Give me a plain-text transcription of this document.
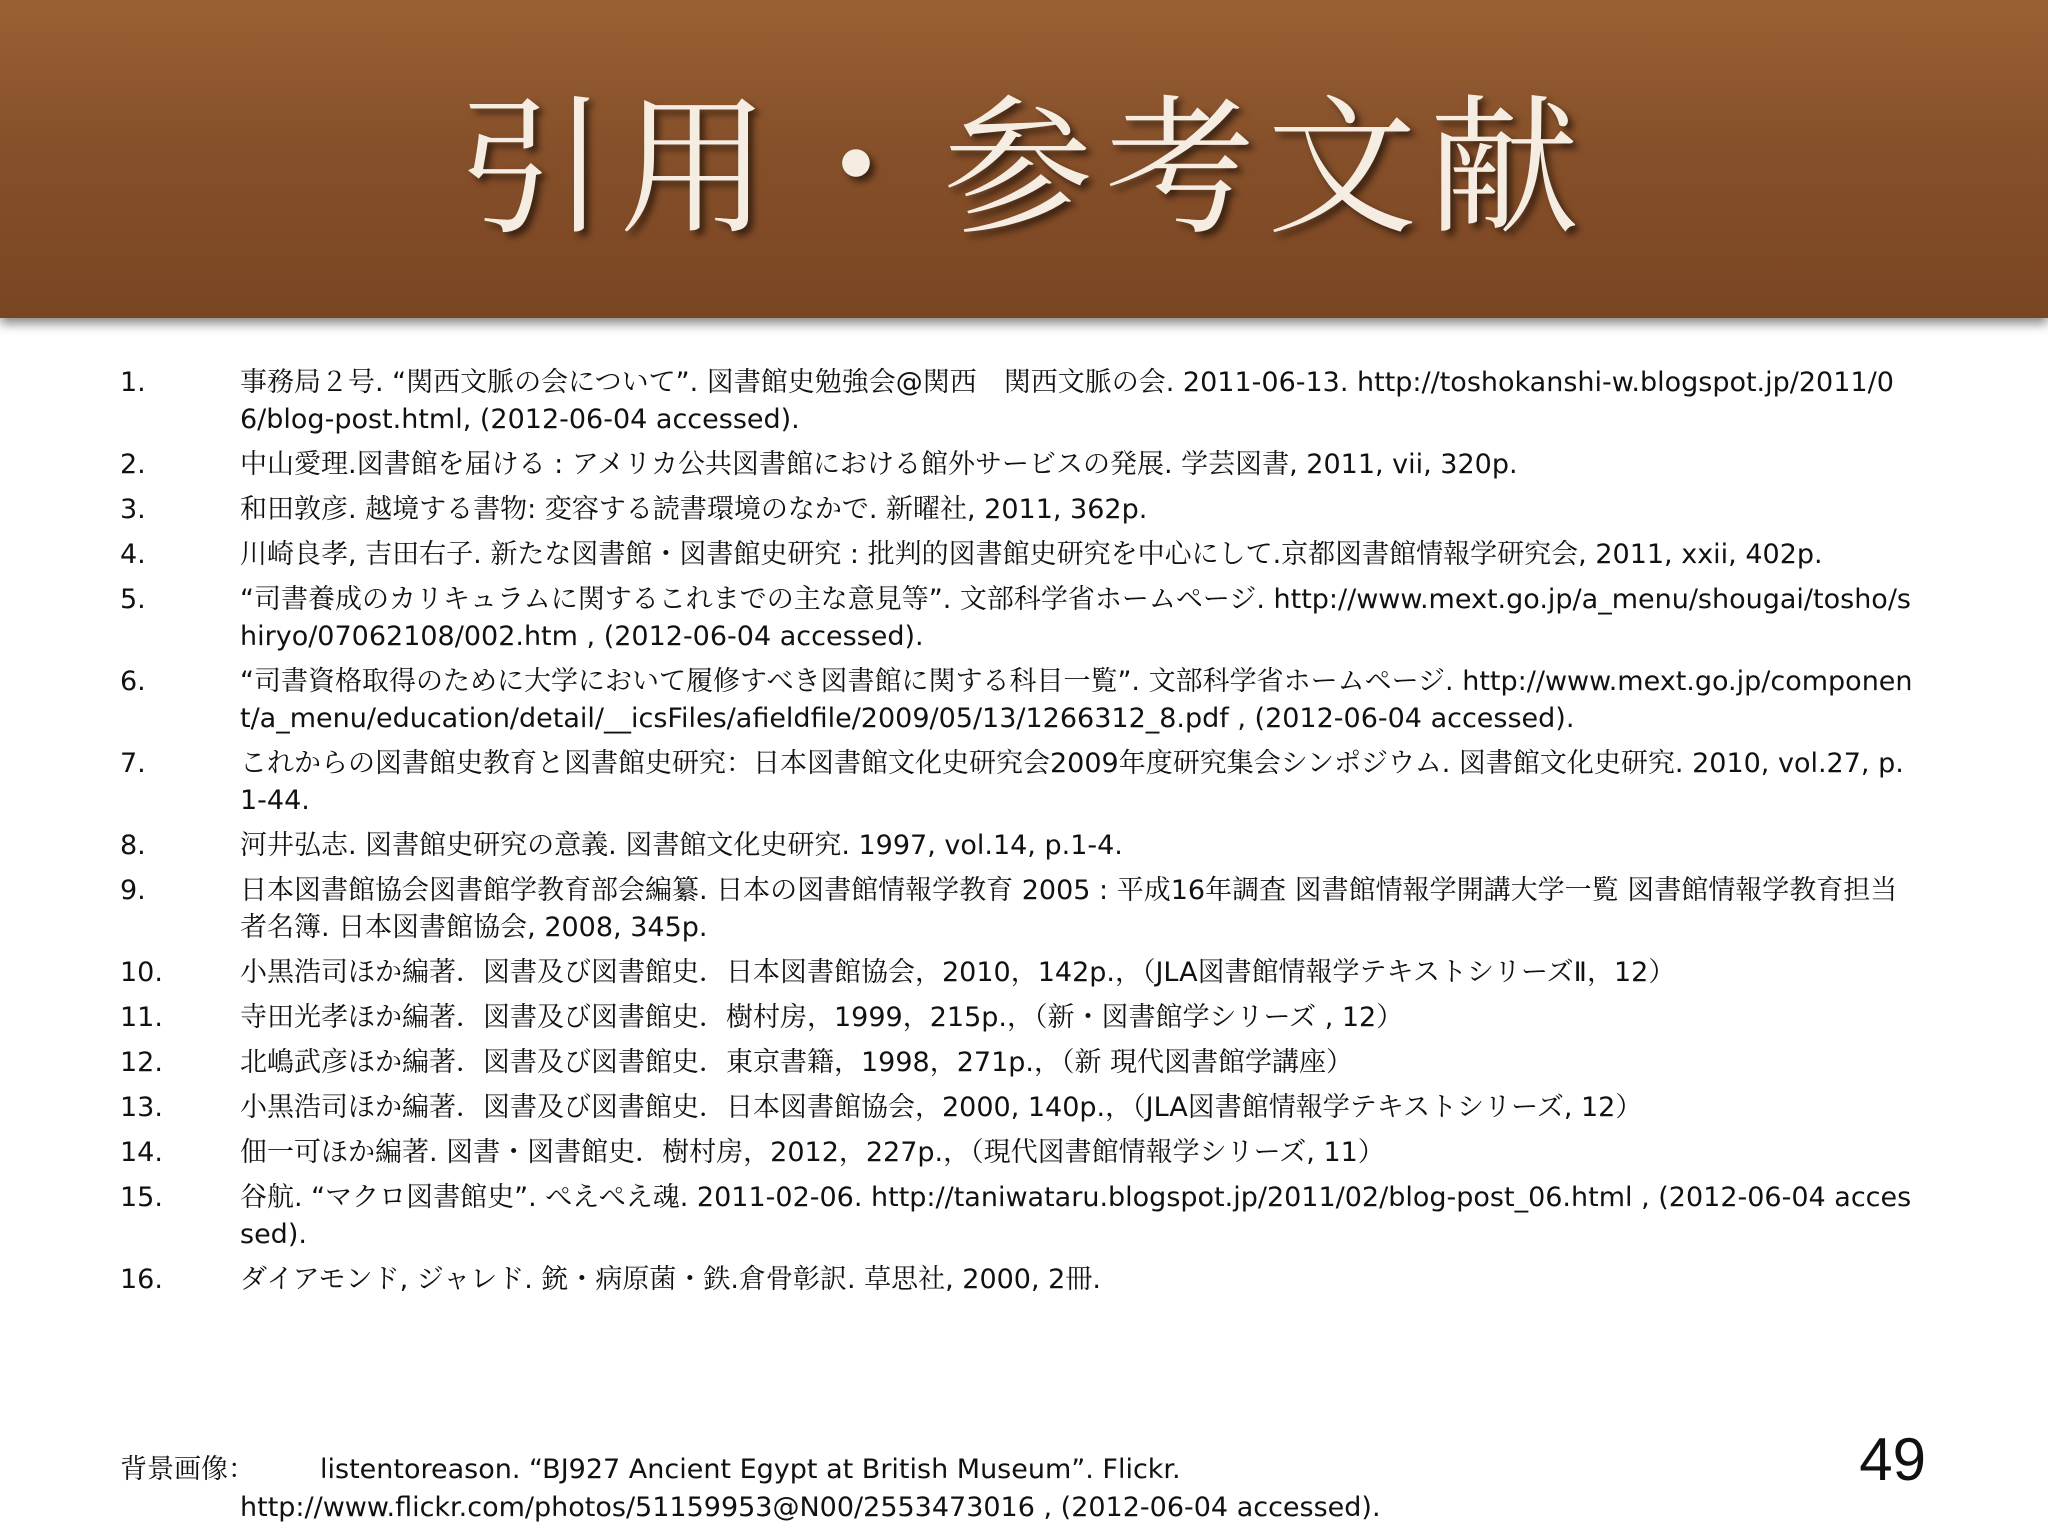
引用・参考文献
1.	事務局２号. “関西文脈の会について”. 図書館史勉強会@関西　関西文脈の会. 2011-06-13. http://toshokanshi-w.blogspot.jp/2011/06/blog-post.html, (2012-06-04 accessed).
2.	中山愛理.図書館を届ける : アメリカ公共図書館における館外サービスの発展. 学芸図書, 2011, vii, 320p.
3.	和田敦彦. 越境する書物: 変容する読書環境のなかで. 新曜社, 2011, 362p.
4.	川崎良孝, 吉田右子. 新たな図書館・図書館史研究 : 批判的図書館史研究を中心にして.京都図書館情報学研究会, 2011, xxii, 402p.
5.	“司書養成のカリキュラムに関するこれまでの主な意見等”. 文部科学省ホームページ. http://www.mext.go.jp/a_menu/shougai/tosho/shiryo/07062108/002.htm , (2012-06-04 accessed).
6.	“司書資格取得のために大学において履修すべき図書館に関する科目一覧”. 文部科学省ホームページ. http://www.mext.go.jp/component/a_menu/education/detail/__icsFiles/afieldfile/2009/05/13/1266312_8.pdf , (2012-06-04 accessed).
7.	これからの図書館史教育と図書館史研究：日本図書館文化史研究会2009年度研究集会シンポジウム. 図書館文化史研究. 2010, vol.27, p.1-44.
8.	河井弘志. 図書館史研究の意義. 図書館文化史研究. 1997, vol.14, p.1-4.
9.	日本図書館協会図書館学教育部会編纂. 日本の図書館情報学教育 2005 : 平成16年調査 図書館情報学開講大学一覧 図書館情報学教育担当者名簿. 日本図書館協会, 2008, 345p.
10.	小黒浩司ほか編著．図書及び図書館史．日本図書館協会，2010，142p.，（JLA図書館情報学テキストシリーズⅡ，12）
11.	寺田光孝ほか編著．図書及び図書館史．樹村房，1999，215p.，（新・図書館学シリーズ , 12）
12.	北嶋武彦ほか編著．図書及び図書館史．東京書籍，1998，271p.，（新 現代図書館学講座）
13.	小黒浩司ほか編著．図書及び図書館史．日本図書館協会，2000, 140p.，（JLA図書館情報学テキストシリーズ, 12）
14.	佃一可ほか編著. 図書・図書館史．樹村房，2012，227p.，（現代図書館情報学シリーズ, 11）
15.	谷航. “マクロ図書館史”. ぺえぺえ魂. 2011-02-06. http://taniwataru.blogspot.jp/2011/02/blog-post_06.html , (2012-06-04 accessed).
16.	ダイアモンド, ジャレド. 銃・病原菌・鉄.倉骨彰訳. 草思社, 2000, 2冊.
背景画像：	listentoreason. “BJ927 Ancient Egypt at British Museum”. Flickr.
http://www.flickr.com/photos/51159953@N00/2553473016 , (2012-06-04 accessed).
49
